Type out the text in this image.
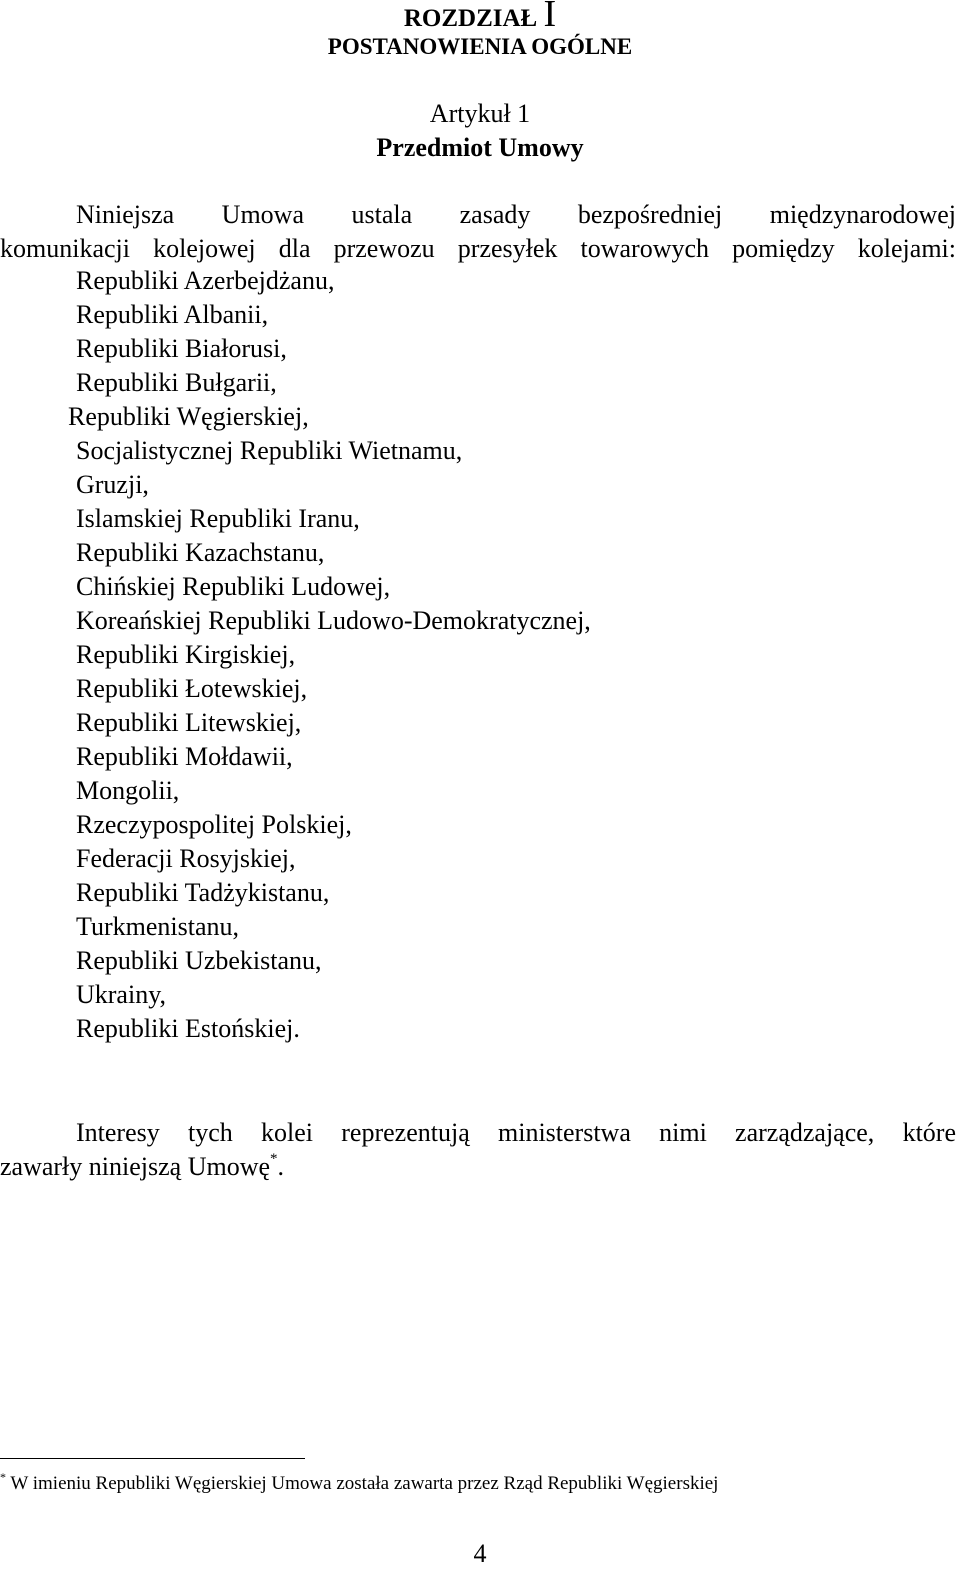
ROZDZIAŁ I
POSTANOWIENIA OGÓLNE
Artykuł 1
Przedmiot Umowy
Niniejsza Umowa ustala zasady bezpośredniej międzynarodowej
komunikacji kolejowej dla przewozu przesyłek towarowych pomiędzy kolejami:
Republiki Azerbejdżanu,
Republiki Albanii,
Republiki Białorusi,
Republiki Bułgarii,
Republiki Węgierskiej,
Socjalistycznej Republiki Wietnamu,
Gruzji,
Islamskiej Republiki Iranu,
Republiki Kazachstanu,
Chińskiej Republiki Ludowej,
Koreańskiej Republiki Ludowo-Demokratycznej,
Republiki Kirgiskiej,
Republiki Łotewskiej,
Republiki Litewskiej,
Republiki Mołdawii,
Mongolii,
Rzeczypospolitej Polskiej,
Federacji Rosyjskiej,
Republiki Tadżykistanu,
Turkmenistanu,
Republiki Uzbekistanu,
Ukrainy,
Republiki Estońskiej.
Interesy tych kolei reprezentują ministerstwa nimi zarządzające, które
zawarły niniejszą Umowę*.
* W imieniu Republiki Węgierskiej Umowa została zawarta przez Rząd Republiki Węgierskiej
4
